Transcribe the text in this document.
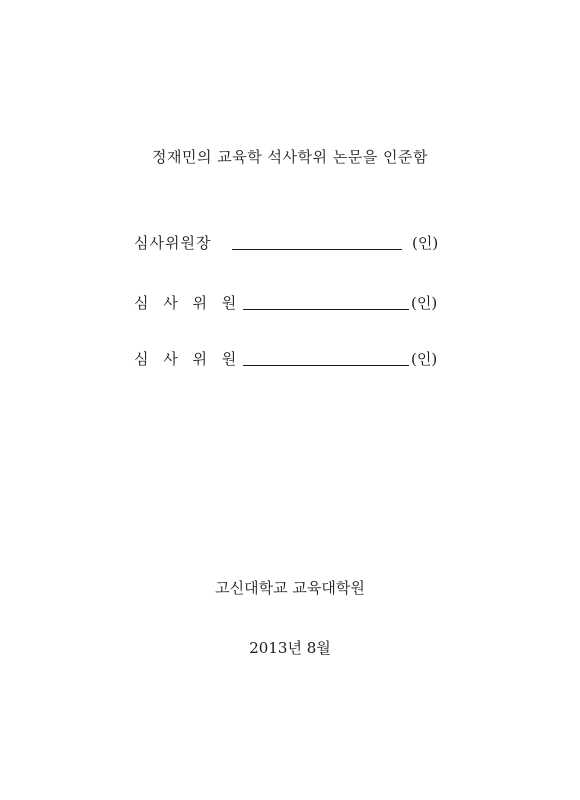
정재민의 교육학 석사학위 논문을 인준함
심사위원장	(인)
심 사 위 원	(인)
심 사 위 원	(인)
고신대학교 교육대학원
2013년 8월
